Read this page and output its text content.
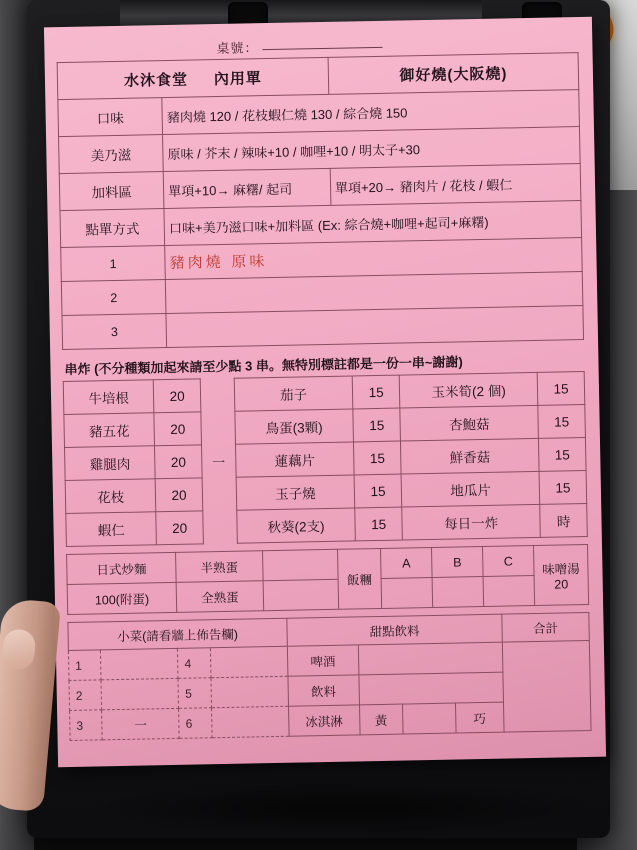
桌號：
水沐食堂 內用單		御好燒(大阪燒)
口味	豬肉燒 120 / 花枝蝦仁燒 130 / 綜合燒 150	
美乃滋	原味 / 芥末 / 辣味+10 / 咖哩+10 / 明太子+30	
加料區	單項+10→ 麻糬/ 起司	單項+20→ 豬肉片 / 花枝 / 蝦仁
點單方式	口味+美乃滋口味+加料區 (Ex: 綜合燒+咖哩+起司+麻糬)	
1	豬肉燒 原味	
2		
3		
串炸 (不分種類加起來請至少點 3 串。無特別標註都是一份一串~謝謝)
牛培根	20	一	茄子	15	玉米筍(2 個)	15
豬五花	20		鳥蛋(3顆)	15	杏鮑菇	15
雞腿肉	20		蓮藕片	15	鮮香菇	15
花枝	20		玉子燒	15	地瓜片	15
蝦仁	20		秋葵(2支)	15	每日一炸	時
日式炒麵	半熟蛋		飯糰	A	B	C	味噌湯 20
100(附蛋)	全熟蛋						
小菜(請看牆上佈告欄)				甜點飲料				合計
1		4		啤酒				
2		5		飲料				
3	一	6		冰淇淋	黃		巧	
